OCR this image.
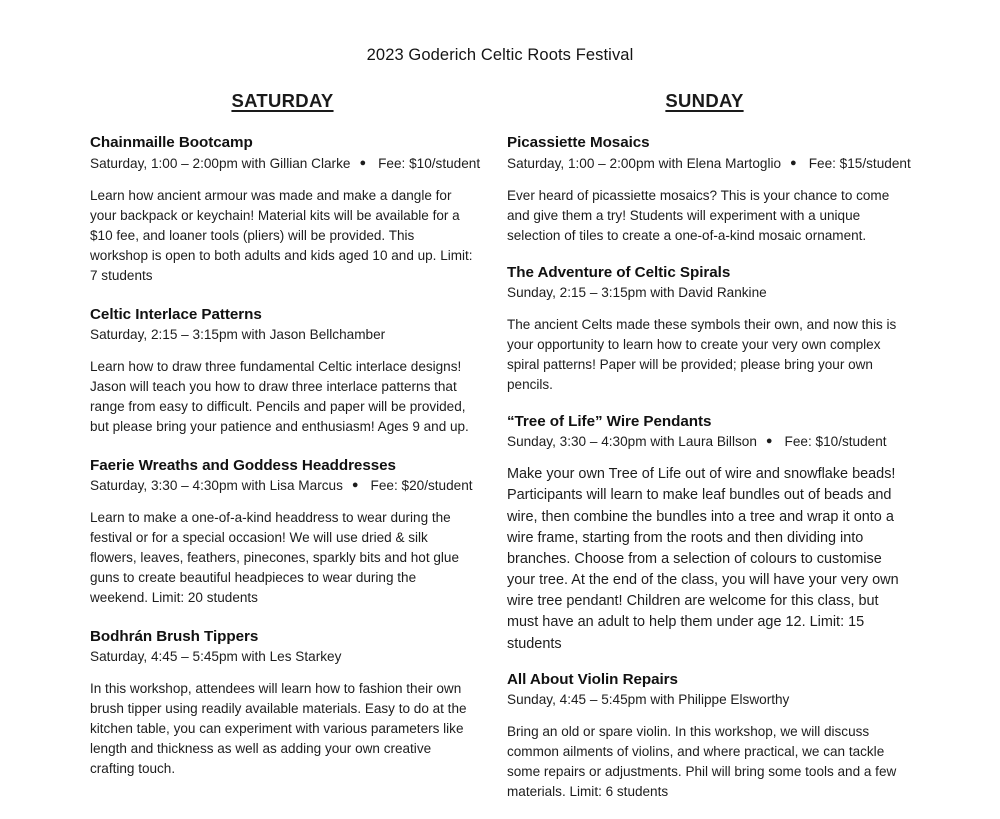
2023 Goderich Celtic Roots Festival
SATURDAY
Chainmaille Bootcamp
Saturday, 1:00 – 2:00pm with Gillian Clarke ● Fee: $10/student

Learn how ancient armour was made and make a dangle for your backpack or keychain! Material kits will be available for a $10 fee, and loaner tools (pliers) will be provided. This workshop is open to both adults and kids aged 10 and up. Limit: 7 students

Celtic Interlace Patterns
Saturday, 2:15 – 3:15pm with Jason Bellchamber

Learn how to draw three fundamental Celtic interlace designs! Jason will teach you how to draw three interlace patterns that range from easy to difficult. Pencils and paper will be provided, but please bring your patience and enthusiasm! Ages 9 and up.

Faerie Wreaths and Goddess Headdresses
Saturday, 3:30 – 4:30pm with Lisa Marcus ● Fee: $20/student

Learn to make a one-of-a-kind headdress to wear during the festival or for a special occasion! We will use dried & silk flowers, leaves, feathers, pinecones, sparkly bits and hot glue guns to create beautiful headpieces to wear during the weekend. Limit: 20 students

Bodhrán Brush Tippers
Saturday, 4:45 – 5:45pm with Les Starkey

In this workshop, attendees will learn how to fashion their own brush tipper using readily available materials. Easy to do at the kitchen table, you can experiment with various parameters like length and thickness as well as adding your own creative crafting touch.

SUNDAY
Picassiette Mosaics
Saturday, 1:00 – 2:00pm with Elena Martoglio ● Fee: $15/student

Ever heard of picassiette mosaics? This is your chance to come and give them a try! Students will experiment with a unique selection of tiles to create a one-of-a-kind mosaic ornament.

The Adventure of Celtic Spirals
Sunday, 2:15 – 3:15pm with David Rankine

The ancient Celts made these symbols their own, and now this is your opportunity to learn how to create your very own complex spiral patterns! Paper will be provided; please bring your own pencils.

“Tree of Life” Wire Pendants
Sunday, 3:30 – 4:30pm with Laura Billson ● Fee: $10/student

Make your own Tree of Life out of wire and snowflake beads! Participants will learn to make leaf bundles out of beads and wire, then combine the bundles into a tree and wrap it onto a wire frame, starting from the roots and then dividing into branches. Choose from a selection of colours to customise your tree. At the end of the class, you will have your very own wire tree pendant! Children are welcome for this class, but must have an adult to help them under age 12. Limit: 15 students

All About Violin Repairs
Sunday, 4:45 – 5:45pm with Philippe Elsworthy

Bring an old or spare violin. In this workshop, we will discuss common ailments of violins, and where practical, we can tackle some repairs or adjustments. Phil will bring some tools and a few materials. Limit: 6 students
